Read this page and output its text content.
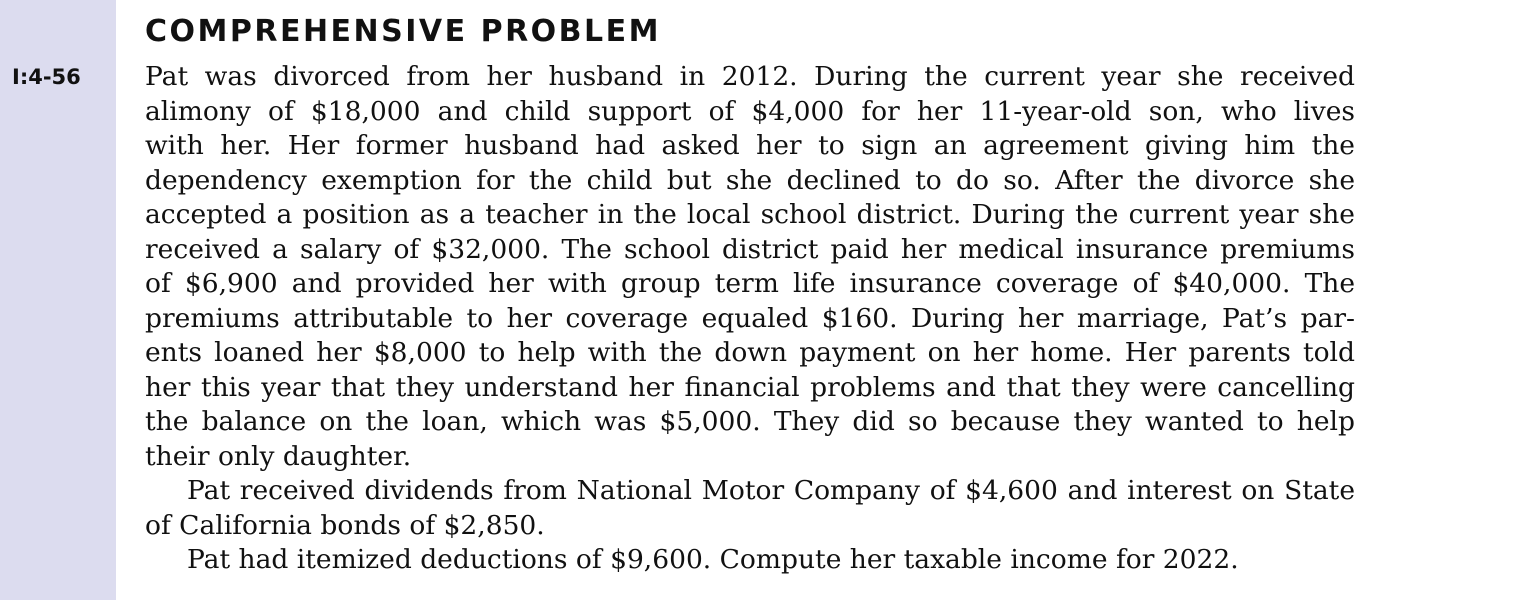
COMPREHENSIVE PROBLEM
I:4-56 Pat was divorced from her husband in 2012. During the current year she received
alimony of $18,000 and child support of $4,000 for her 11-year-old son, who lives
with her. Her former husband had asked her to sign an agreement giving him the
dependency exemption for the child but she declined to do so. After the divorce she
accepted a position as a teacher in the local school district. During the current year she
received a salary of $32,000. The school district paid her medical insurance premiums
of $6,900 and provided her with group term life insurance coverage of $40,000. The
premiums attributable to her coverage equaled $160. During her marriage, Pat’s par-
ents loaned her $8,000 to help with the down payment on her home. Her parents told
her this year that they understand her financial problems and that they were cancelling
the balance on the loan, which was $5,000. They did so because they wanted to help
their only daughter.
Pat received dividends from National Motor Company of $4,600 and interest on State
of California bonds of $2,850.
Pat had itemized deductions of $9,600. Compute her taxable income for 2022.
